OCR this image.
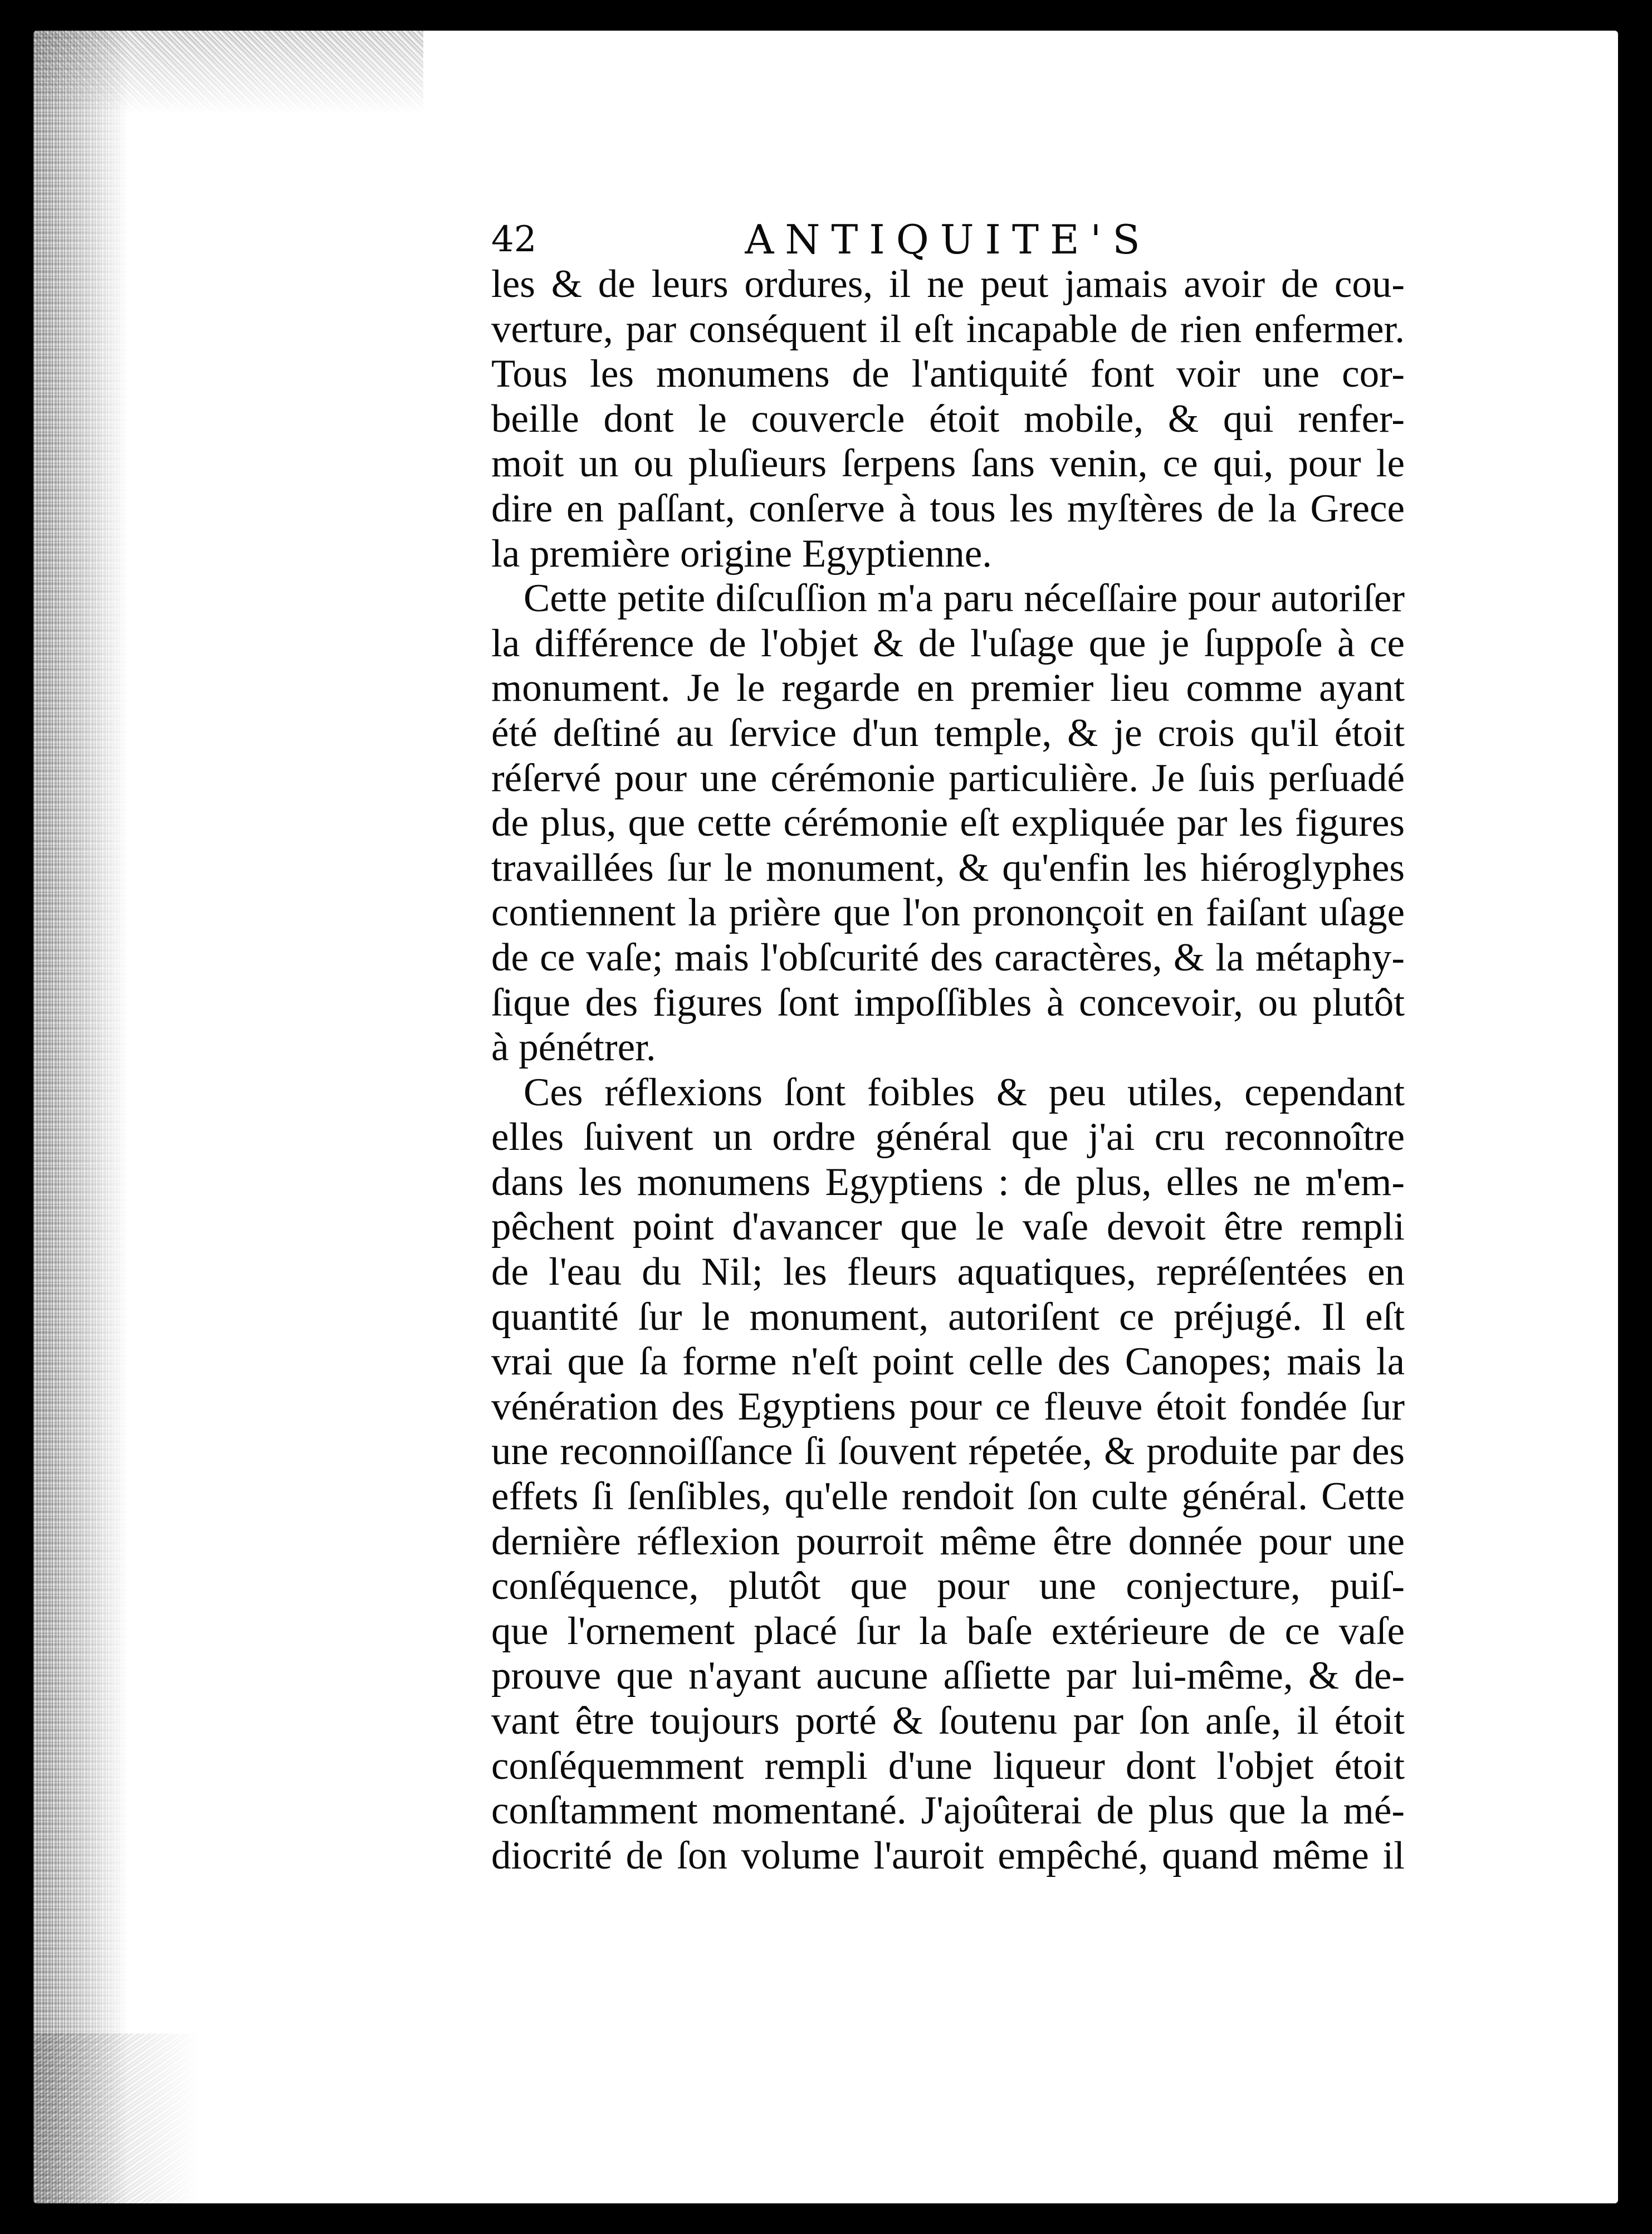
42	ANTIQUITE'S
les & de leurs ordures, il ne peut jamais avoir de cou-
verture, par conséquent il eſt incapable de rien enfermer.
Tous les monumens de l'antiquité font voir une cor-
beille dont le couvercle étoit mobile, & qui renfer-
moit un ou pluſieurs ſerpens ſans venin, ce qui, pour le
dire en paſſant, conſerve à tous les myſtères de la Grece
la première origine Egyptienne.
Cette petite diſcuſſion m'a paru néceſſaire pour autoriſer
la différence de l'objet & de l'uſage que je ſuppoſe à ce
monument. Je le regarde en premier lieu comme ayant
été deſtiné au ſervice d'un temple, & je crois qu'il étoit
réſervé pour une cérémonie particulière. Je ſuis perſuadé
de plus, que cette cérémonie eſt expliquée par les figures
travaillées ſur le monument, & qu'enfin les hiéroglyphes
contiennent la prière que l'on prononçoit en faiſant uſage
de ce vaſe; mais l'obſcurité des caractères, & la métaphy-
ſique des figures ſont impoſſibles à concevoir, ou plutôt
à pénétrer.
Ces réflexions ſont foibles & peu utiles, cependant
elles ſuivent un ordre général que j'ai cru reconnoître
dans les monumens Egyptiens : de plus, elles ne m'em-
pêchent point d'avancer que le vaſe devoit être rempli
de l'eau du Nil; les fleurs aquatiques, repréſentées en
quantité ſur le monument, autoriſent ce préjugé. Il eſt
vrai que ſa forme n'eſt point celle des Canopes; mais la
vénération des Egyptiens pour ce fleuve étoit fondée ſur
une reconnoiſſance ſi ſouvent répetée, & produite par des
effets ſi ſenſibles, qu'elle rendoit ſon culte général. Cette
dernière réflexion pourroit même être donnée pour une
conſéquence, plutôt que pour une conjecture, puiſ-
que l'ornement placé ſur la baſe extérieure de ce vaſe
prouve que n'ayant aucune aſſiette par lui-même, & de-
vant être toujours porté & ſoutenu par ſon anſe, il étoit
conſéquemment rempli d'une liqueur dont l'objet étoit
conſtamment momentané. J'ajoûterai de plus que la mé-
diocrité de ſon volume l'auroit empêché, quand même il
